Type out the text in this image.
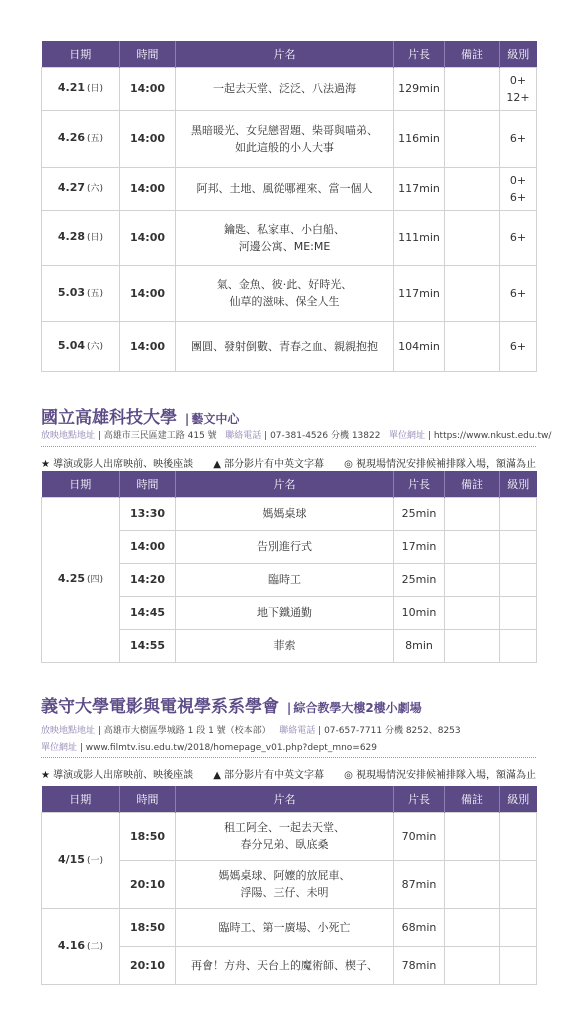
日期	時間	片名	片長	備註	級別
4.21 (日)	14:00	一起去天堂、泛泛、八法過海	129min		0+
12+

4.26 (五)	14:00	黑暗暖光、女兒戀習題、柴哥與喵弟、
如此這般的小人大事	116min		6+

4.27 (六)	14:00	阿邦、土地、風從哪裡來、當一個人	117min		0+
6+

4.28 (日)	14:00	鑰匙、私家車、小白船、
河邊公寓、ME:ME	111min		6+

5.03 (五)	14:00	氣、金魚、彼‧此、好時光、
仙草的滋味、保全人生	117min		6+

5.04 (六)	14:00	團圓、發射倒數、青春之血、親親抱抱	104min		6+
國立高雄科技大學 | 藝文中心
放映地點地址 | 高雄市三民區建工路 415 號 聯絡電話 | 07-381-4526 分機 13822 單位網址 | https://www.nkust.edu.tw/
★ 導演或影人出席映前、映後座談 ▲ 部分影片有中英文字幕 ◎ 視現場情況安排候補排隊入場，額滿為止
日期	時間	片名	片長	備註	級別
4.25 (四)	13:30	媽媽桌球	25min		
	14:00	告別進行式	17min		
	14:20	臨時工	25min		
	14:45	地下鐵通勤	10min		
	14:55	菲索	8min		
義守大學電影與電視學系系學會 | 綜合教學大樓2樓小劇場
放映地點地址 | 高雄市大樹區學城路 1 段 1 號（校本部） 聯絡電話 | 07-657-7711 分機 8252、8253
單位網址 | www.filmtv.isu.edu.tw/2018/homepage_v01.php?dept_mno=629
★ 導演或影人出席映前、映後座談 ▲ 部分影片有中英文字幕 ◎ 視現場情況安排候補排隊入場，額滿為止
日期	時間	片名	片長	備註	級別
4/15 (一)	18:50	租工阿全、一起去天堂、
春分兄弟、臥底桑	70min		
	20:10	媽媽桌球、阿嬤的放屁車、
浮陽、三仔、未明	87min		
4.16 (二)	18:50	臨時工、第一廣場、小死亡	68min		
	20:10	再會！方舟、天台上的魔術師、楔子、	78min		
